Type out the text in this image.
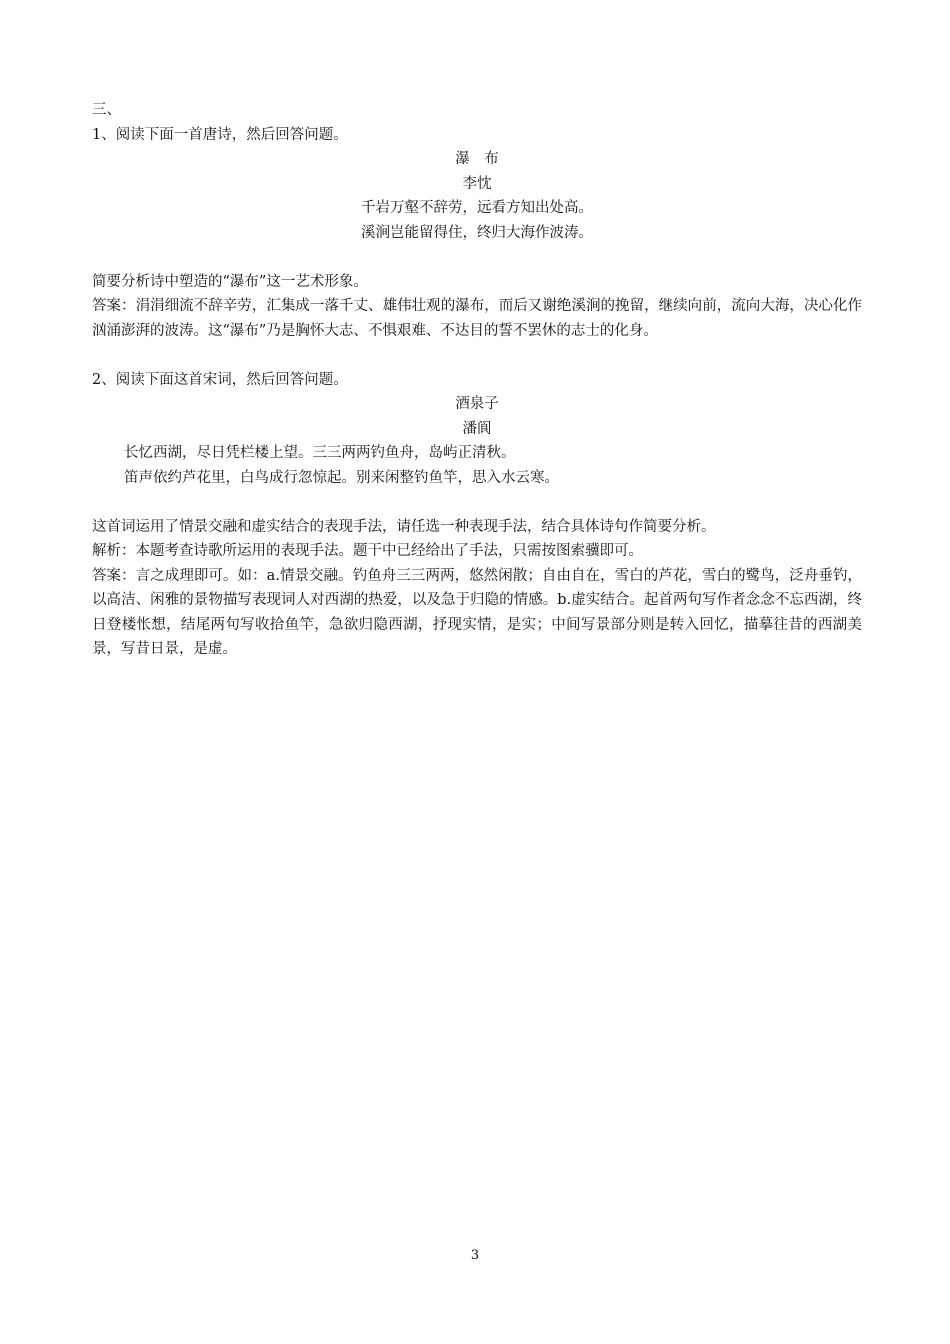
三、
1、阅读下面一首唐诗，然后回答问题。
瀑　布
李忱
千岩万壑不辞劳，远看方知出处高。
溪涧岂能留得住，终归大海作波涛。
简要分析诗中塑造的“瀑布”这一艺术形象。
答案：涓涓细流不辞辛劳，汇集成一落千丈、雄伟壮观的瀑布，而后又谢绝溪涧的挽留，继续向前，流向大海，决心化作汹涌澎湃的波涛。这“瀑布”乃是胸怀大志、不惧艰难、不达目的誓不罢休的志士的化身。
2、阅读下面这首宋词，然后回答问题。
酒泉子
潘阆
长忆西湖，尽日凭栏楼上望。三三两两钓鱼舟，岛屿正清秋。
笛声依约芦花里，白鸟成行忽惊起。别来闲整钓鱼竿，思入水云寒。
这首词运用了情景交融和虚实结合的表现手法，请任选一种表现手法，结合具体诗句作简要分析。
解析：本题考查诗歌所运用的表现手法。题干中已经给出了手法，只需按图索骥即可。
答案：言之成理即可。如：a.情景交融。钓鱼舟三三两两，悠然闲散；自由自在，雪白的芦花，雪白的鹭鸟，泛舟垂钓，以高洁、闲雅的景物描写表现词人对西湖的热爱，以及急于归隐的情感。b.虚实结合。起首两句写作者念念不忘西湖，终日登楼怅想，结尾两句写收拾鱼竿，急欲归隐西湖，抒现实情，是实；中间写景部分则是转入回忆，描摹往昔的西湖美景，写昔日景，是虚。
3
